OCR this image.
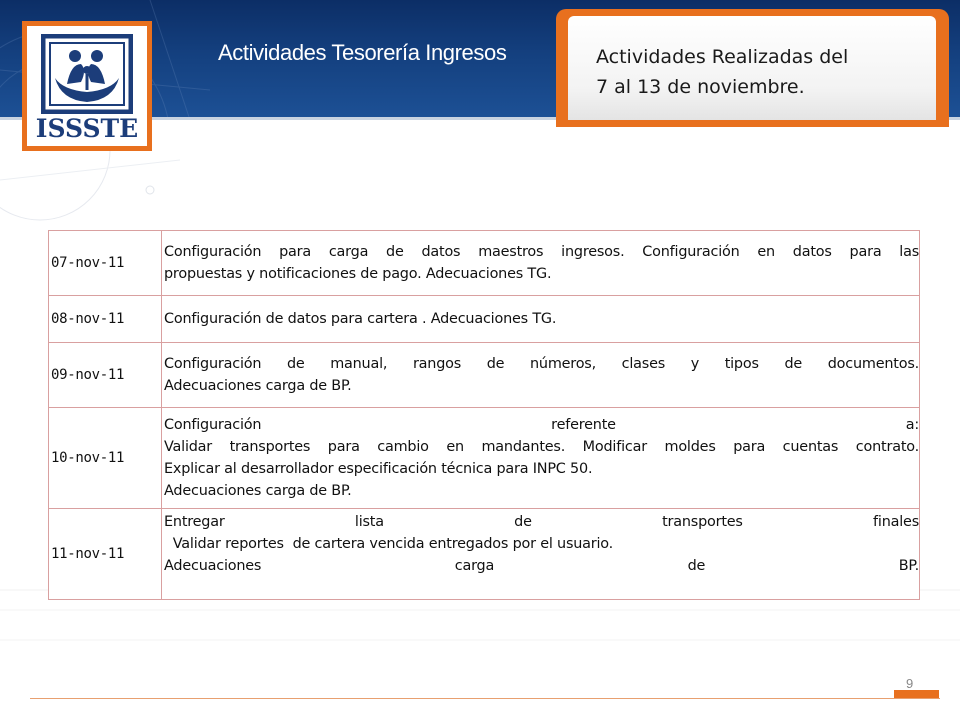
ISSSTE
Actividades Tesorería Ingresos	Actividades Realizadas del
7 al 13 de noviembre.
07-nov-11	Configuración para carga de datos maestros ingresos. Configuración en datos para las
propuestas y notificaciones de pago. Adecuaciones TG.

08-nov-11	Configuración de datos para cartera . Adecuaciones TG.

09-nov-11	Configuración de manual, rangos de números, clases y tipos de documentos.
Adecuaciones carga de BP.

10-nov-11	Configuración referente a:
Validar transportes para cambio en mandantes. Modificar moldes para cuentas contrato.
Explicar al desarrollador especificación técnica para INPC 50.
Adecuaciones carga de BP.

11-nov-11	Entregar lista de transportes finales
Validar reportes  de cartera vencida entregados por el usuario.
Adecuaciones carga de BP.
9
